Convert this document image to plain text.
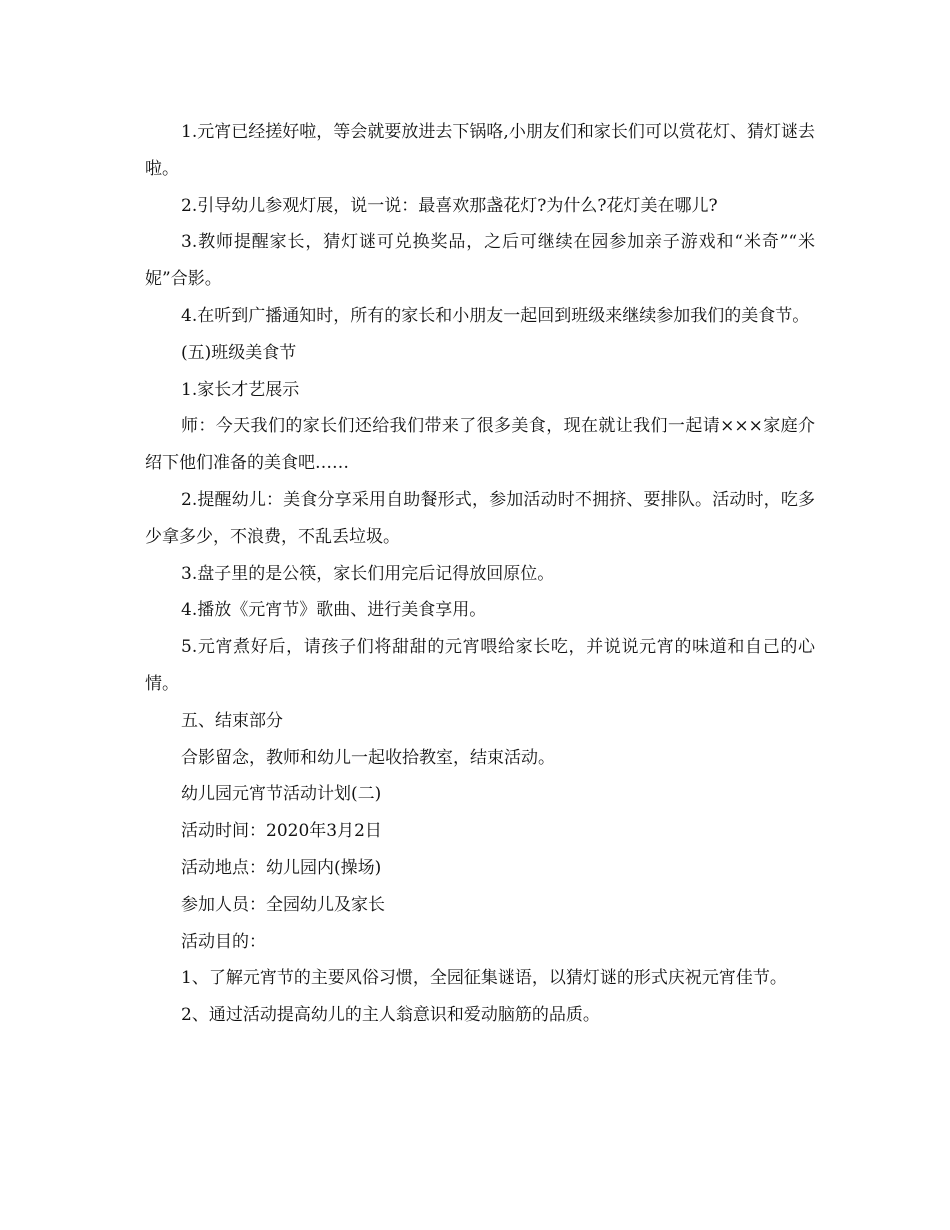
1.元宵已经搓好啦，等会就要放进去下锅咯,小朋友们和家长们可以赏花灯、猜灯谜去啦。

2.引导幼儿参观灯展，说一说：最喜欢那盏花灯?为什么?花灯美在哪儿?

3.教师提醒家长，猜灯谜可兑换奖品，之后可继续在园参加亲子游戏和“米奇”“米妮”合影。

4.在听到广播通知时，所有的家长和小朋友一起回到班级来继续参加我们的美食节。

(五)班级美食节

1.家长才艺展示

师：今天我们的家长们还给我们带来了很多美食，现在就让我们一起请×××家庭介绍下他们准备的美食吧……

2.提醒幼儿：美食分享采用自助餐形式，参加活动时不拥挤、要排队。活动时，吃多少拿多少，不浪费，不乱丢垃圾。

3.盘子里的是公筷，家长们用完后记得放回原位。

4.播放《元宵节》歌曲、进行美食享用。

5.元宵煮好后，请孩子们将甜甜的元宵喂给家长吃，并说说元宵的味道和自己的心情。

五、结束部分

合影留念，教师和幼儿一起收拾教室，结束活动。

幼儿园元宵节活动计划(二)

活动时间：2020年3月2日

活动地点：幼儿园内(操场)

参加人员：全园幼儿及家长

活动目的：

1、了解元宵节的主要风俗习惯，全园征集谜语，以猜灯谜的形式庆祝元宵佳节。

2、通过活动提高幼儿的主人翁意识和爱动脑筋的品质。
